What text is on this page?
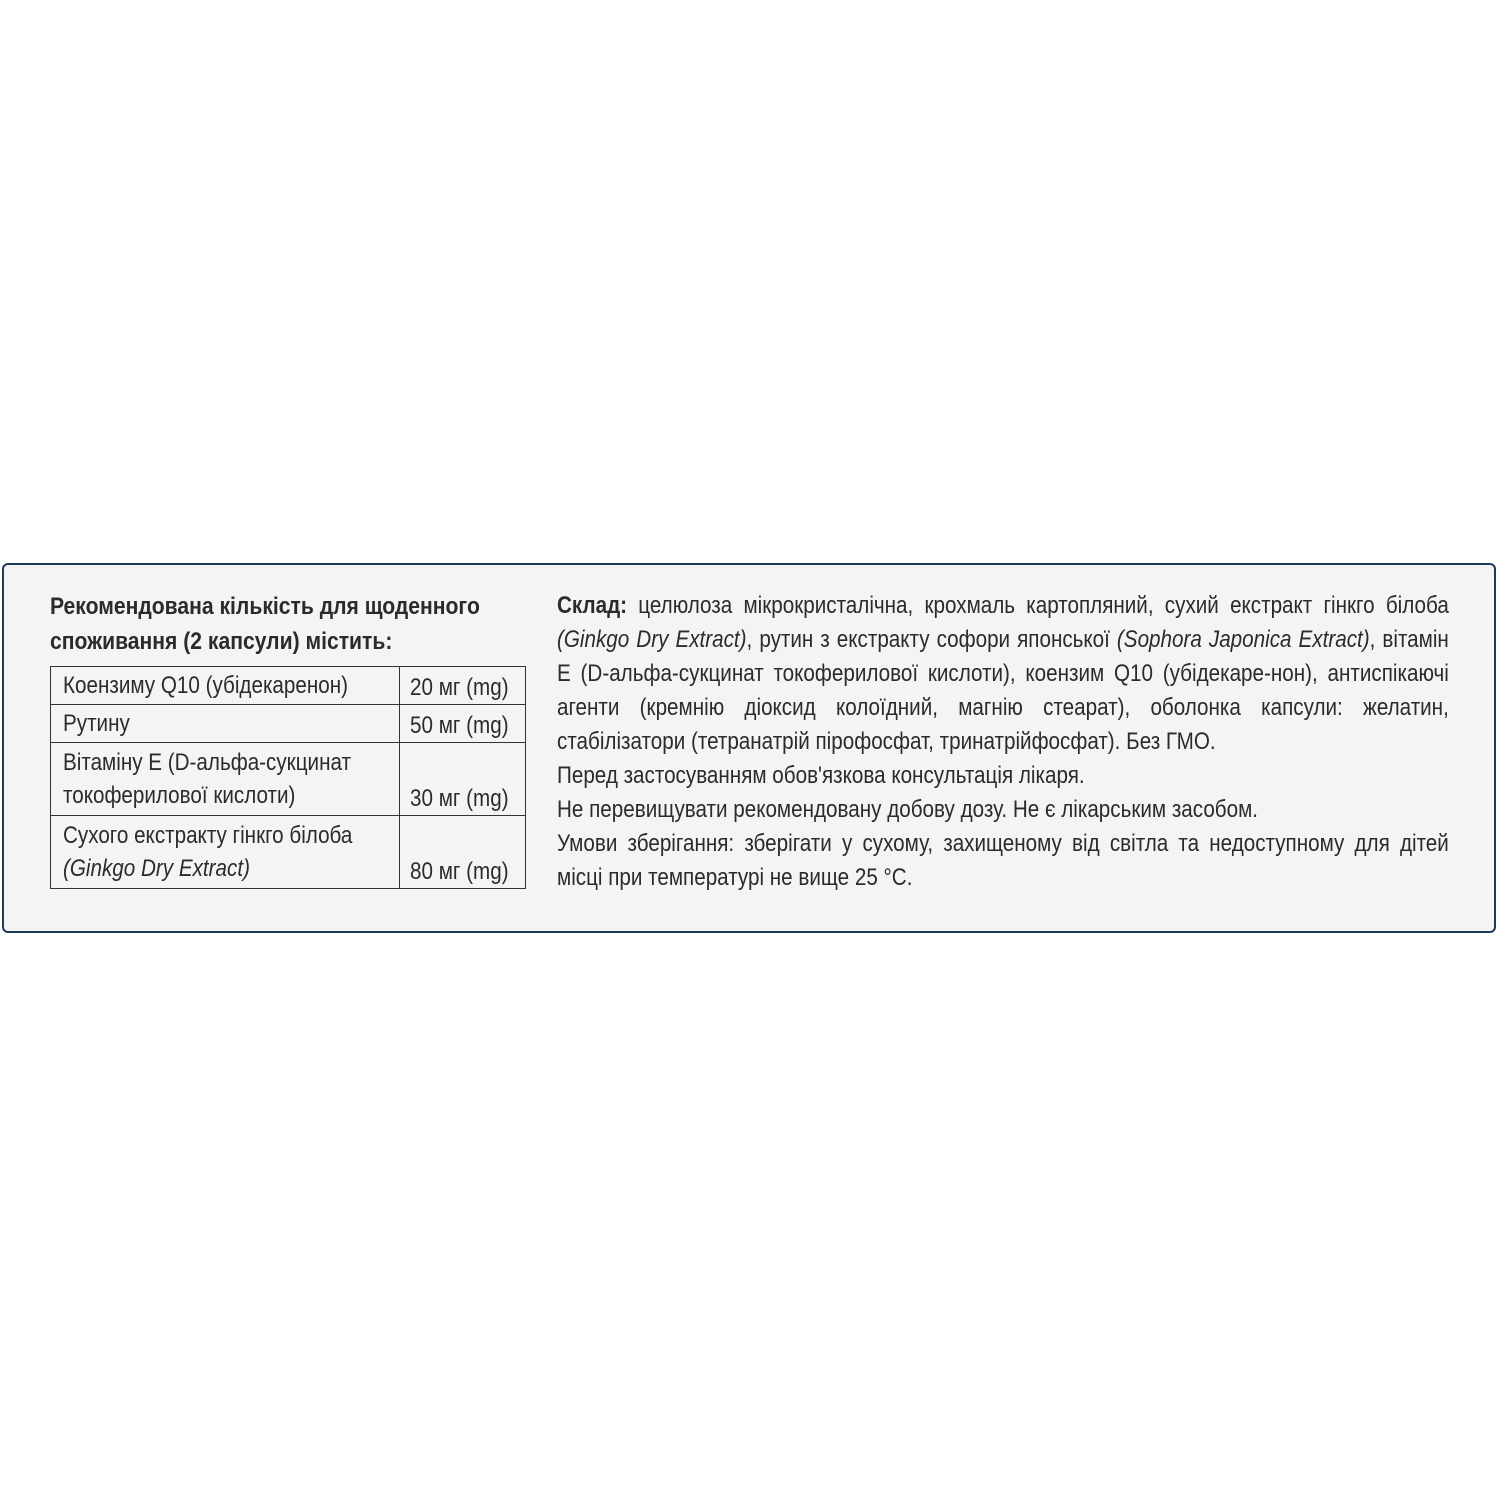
Рекомендована кількість для щоденного
споживання (2 капсули) містить:

Коензиму Q10 (убідекаренон)	20 мг (mg)

Рутину	50 мг (mg)

Вітаміну Е (D-альфа-сукцинат
токоферилової кислоти)	30 мг (mg)

Сухого екстракту гінкго білоба
(Ginkgo Dry Extract)	80 мг (mg)

Склад: целюлоза мікрокристалічна, крохмаль картопляний, сухий екстракт гінкго білоба (Ginkgo Dry Extract), рутин з екстракту софори японської (Sophora Japonica Extract), вітамін Е (D-альфа-сукцинат токоферилової кислоти), коензим Q10 (убідекаре-нон), антиспікаючі агенти (кремнію діоксид колоїдний, магнію стеарат), оболонка капсули: желатин, стабілізатори (тетранатрій пірофосфат, тринатрійфосфат). Без ГМО.

Перед застосуванням обов'язкова консультація лікаря.

Не перевищувати рекомендовану добову дозу. Не є лікарським засобом.

Умови зберігання: зберігати у сухому, захищеному від світла та недоступному для дітей місці при температурі не вище 25 °С.
